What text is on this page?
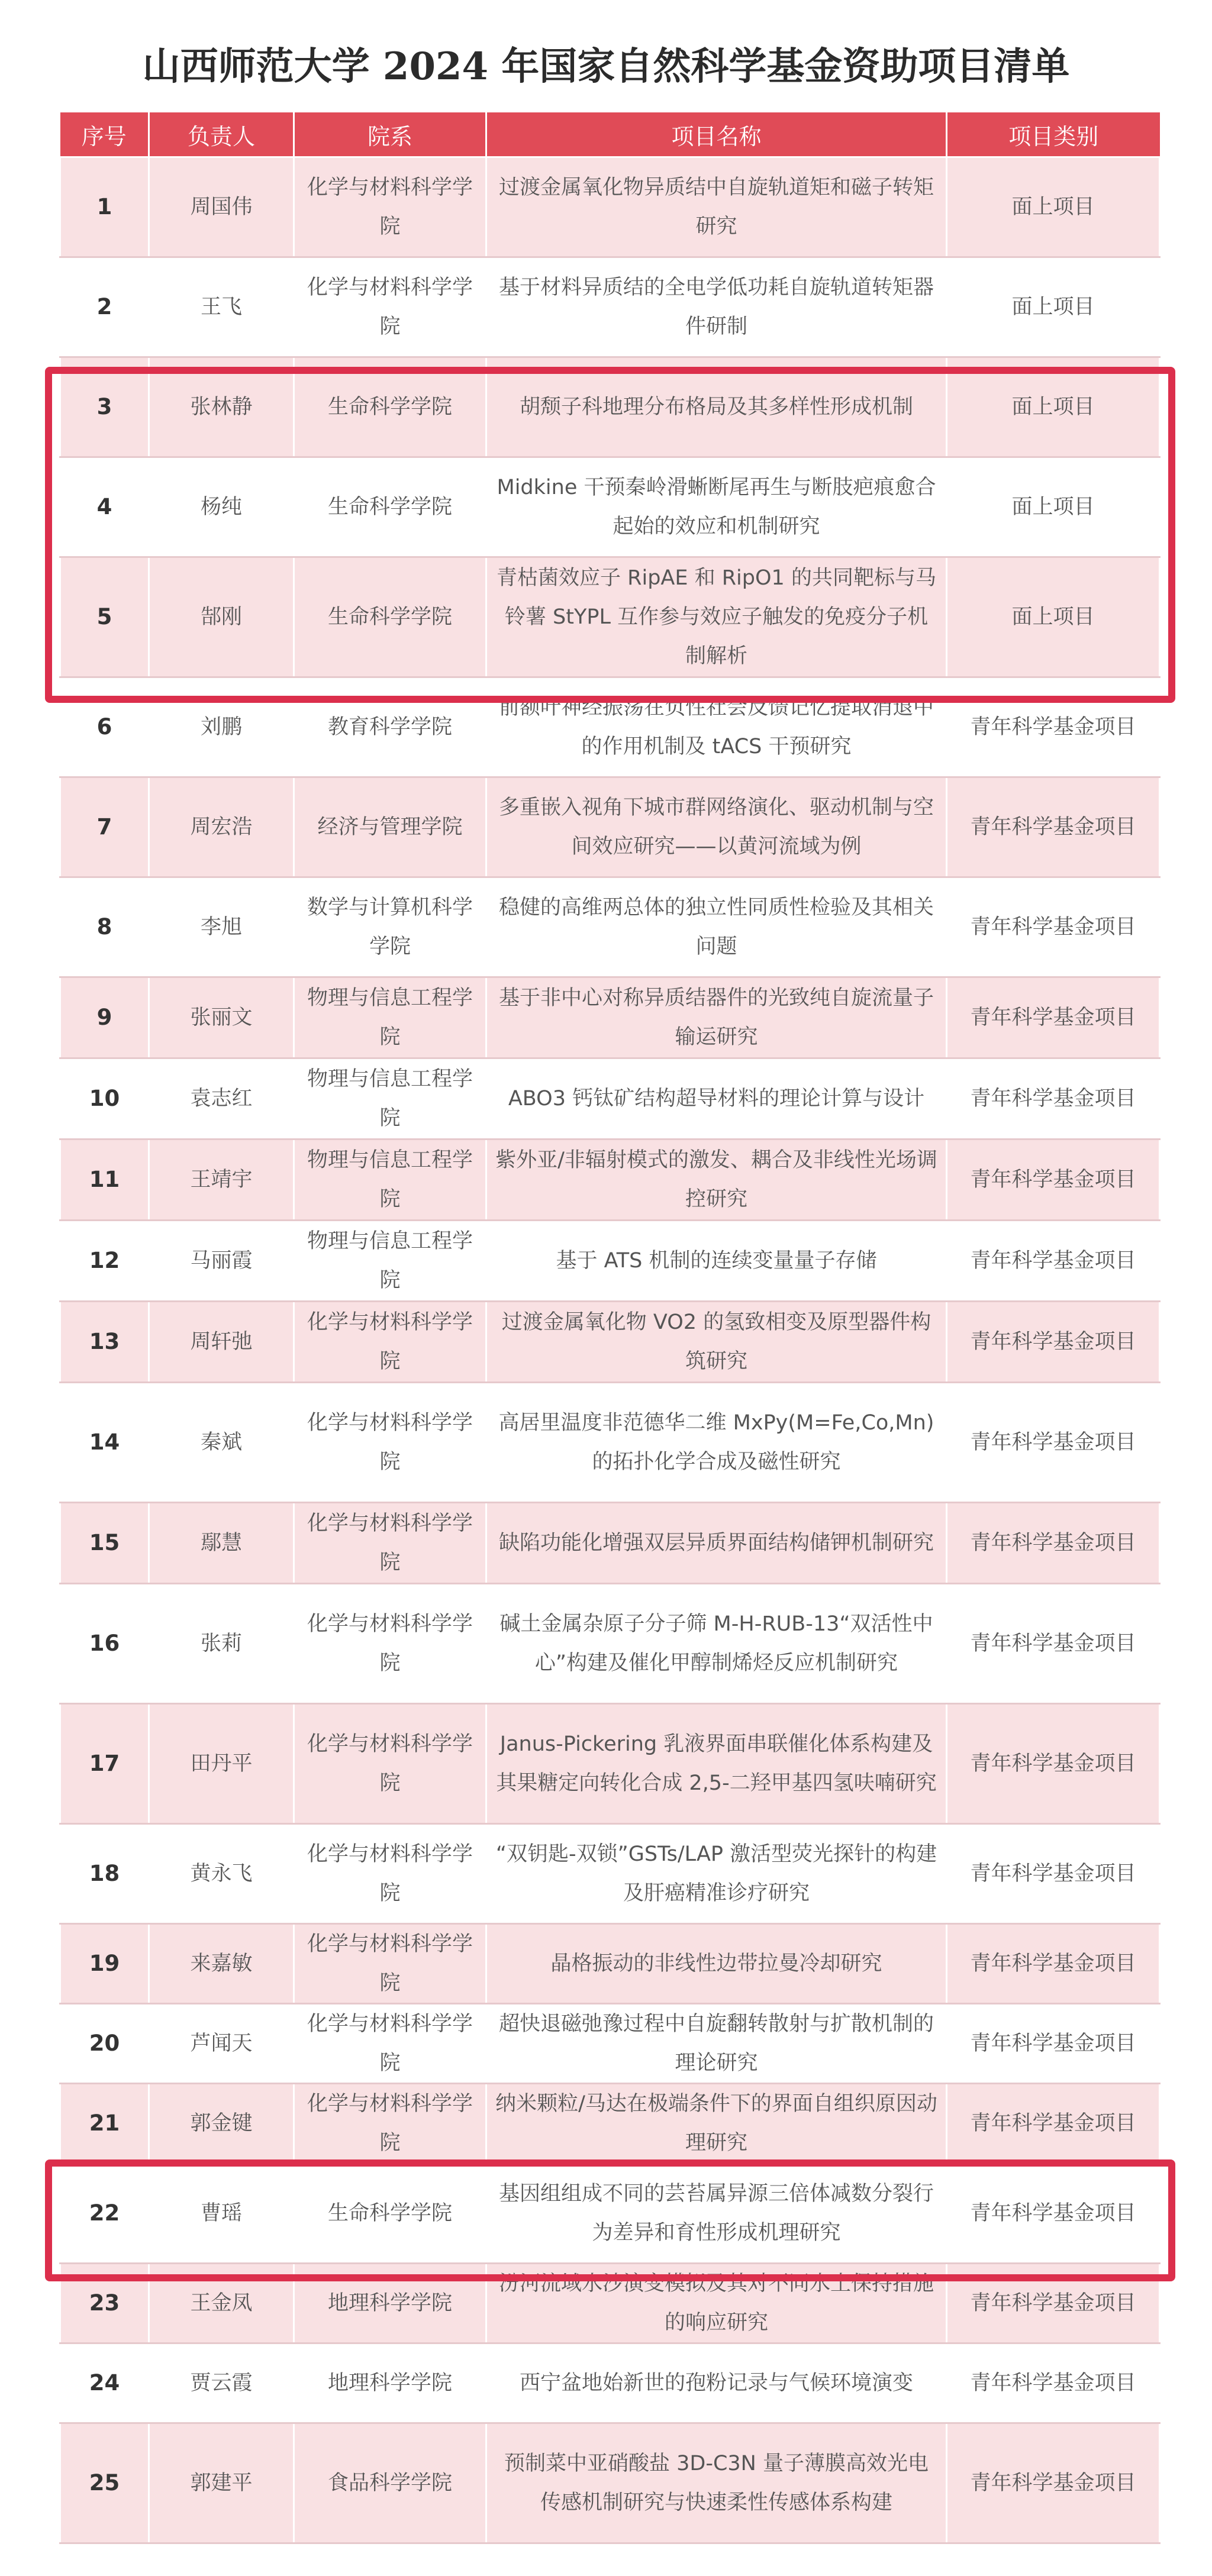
山西师范大学 2024 年国家自然科学基金资助项目清单
序号	负责人	院系	项目名称	项目类别
1	周国伟	化学与材料科学学院	过渡金属氧化物异质结中自旋轨道矩和磁子转矩研究	面上项目
2	王飞	化学与材料科学学院	基于材料异质结的全电学低功耗自旋轨道转矩器件研制	面上项目
3	张林静	生命科学学院	胡颓子科地理分布格局及其多样性形成机制	面上项目
4	杨纯	生命科学学院	Midkine 干预秦岭滑蜥断尾再生与断肢疤痕愈合起始的效应和机制研究	面上项目
5	郜刚	生命科学学院	青枯菌效应子 RipAE 和 RipO1 的共同靶标与马铃薯 StYPL 互作参与效应子触发的免疫分子机制解析	面上项目
6	刘鹏	教育科学学院	前额叶神经振荡在负性社会反馈记忆提取消退中的作用机制及 tACS 干预研究	青年科学基金项目
7	周宏浩	经济与管理学院	多重嵌入视角下城市群网络演化、驱动机制与空间效应研究——以黄河流域为例	青年科学基金项目
8	李旭	数学与计算机科学学院	稳健的高维两总体的独立性同质性检验及其相关问题	青年科学基金项目
9	张丽文	物理与信息工程学院	基于非中心对称异质结器件的光致纯自旋流量子输运研究	青年科学基金项目
10	袁志红	物理与信息工程学院	ABO3 钙钛矿结构超导材料的理论计算与设计	青年科学基金项目
11	王靖宇	物理与信息工程学院	紫外亚/非辐射模式的激发、耦合及非线性光场调控研究	青年科学基金项目
12	马丽霞	物理与信息工程学院	基于 ATS 机制的连续变量量子存储	青年科学基金项目
13	周轩弛	化学与材料科学学院	过渡金属氧化物 VO2 的氢致相变及原型器件构筑研究	青年科学基金项目
14	秦斌	化学与材料科学学院	高居里温度非范德华二维 MxPy(M=Fe,Co,Mn)的拓扑化学合成及磁性研究	青年科学基金项目
15	鄢慧	化学与材料科学学院	缺陷功能化增强双层异质界面结构储钾机制研究	青年科学基金项目
16	张莉	化学与材料科学学院	碱土金属杂原子分子筛 M-H-RUB-13“双活性中心”构建及催化甲醇制烯烃反应机制研究	青年科学基金项目
17	田丹平	化学与材料科学学院	Janus-Pickering 乳液界面串联催化体系构建及其果糖定向转化合成 2,5-二羟甲基四氢呋喃研究	青年科学基金项目
18	黄永飞	化学与材料科学学院	“双钥匙-双锁”GSTs/LAP 激活型荧光探针的构建及肝癌精准诊疗研究	青年科学基金项目
19	来嘉敏	化学与材料科学学院	晶格振动的非线性边带拉曼冷却研究	青年科学基金项目
20	芦闻天	化学与材料科学学院	超快退磁弛豫过程中自旋翻转散射与扩散机制的理论研究	青年科学基金项目
21	郭金键	化学与材料科学学院	纳米颗粒/马达在极端条件下的界面自组织原因动理研究	青年科学基金项目
22	曹瑶	生命科学学院	基因组组成不同的芸苔属异源三倍体减数分裂行为差异和育性形成机理研究	青年科学基金项目
23	王金凤	地理科学学院	汾河流域水沙演变模拟及其对不同水土保持措施的响应研究	青年科学基金项目
24	贾云霞	地理科学学院	西宁盆地始新世的孢粉记录与气候环境演变	青年科学基金项目
25	郭建平	食品科学学院	预制菜中亚硝酸盐 3D-C3N 量子薄膜高效光电传感机制研究与快速柔性传感体系构建	青年科学基金项目
